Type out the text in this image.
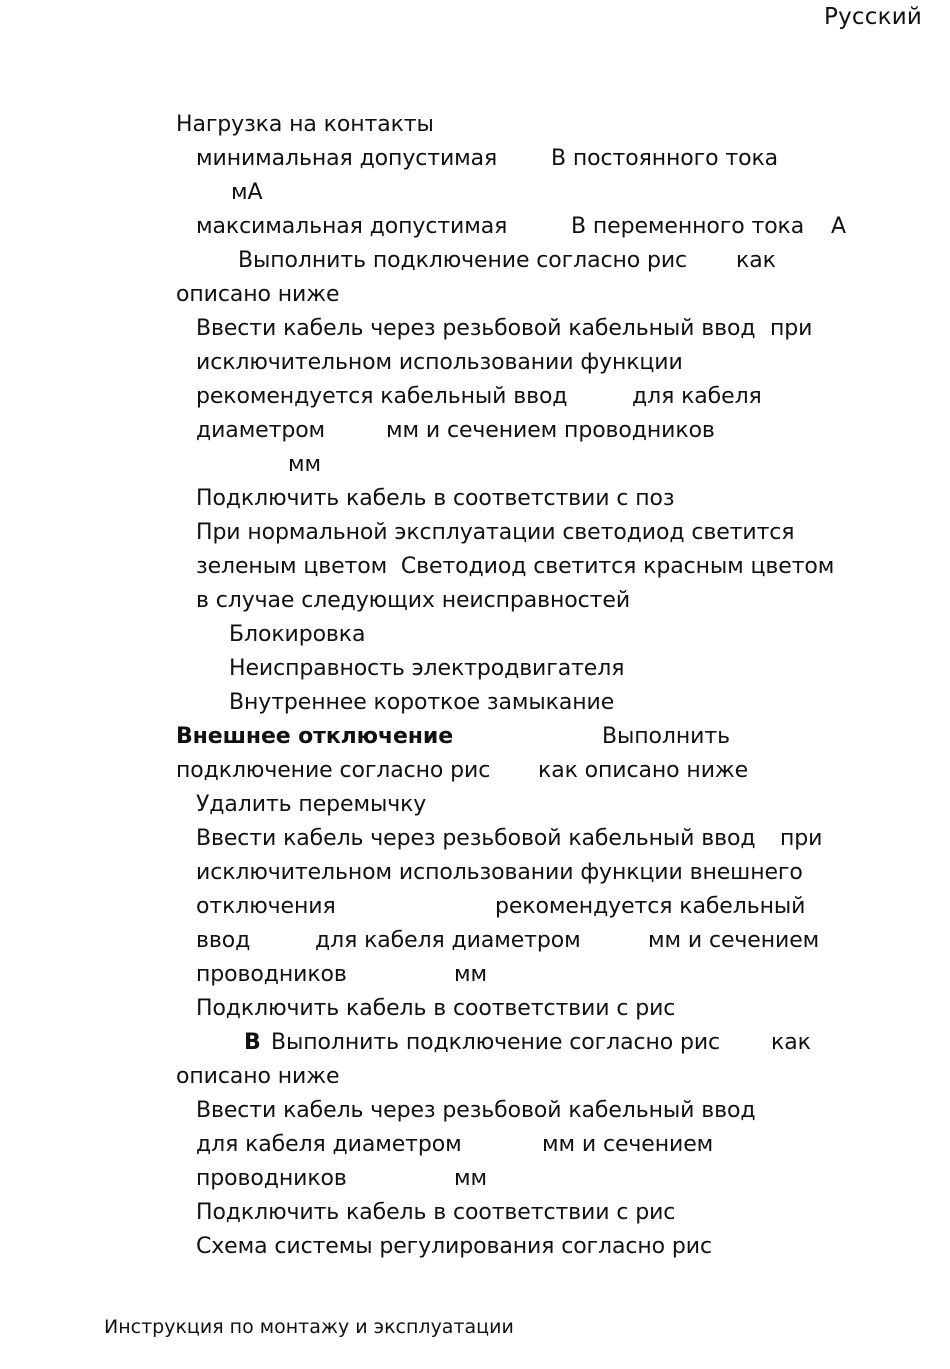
Русский
Нагрузка на контакты
минимальная допустимая В постоянного тока
мА
максимальная допустимая	В переменного тока А
Выполнить подключение согласно рис как
описано ниже
Ввести кабель через резьбовой кабельный ввод при
исключительном использовании функции
рекомендуется кабельный ввод	для кабеля
диаметром	мм и сечением проводников
мм
Подключить кабель в соответствии с поз
При нормальной эксплуатации светодиод светится
зеленым цветом  Светодиод светится красным цветом
в случае следующих неисправностей
Блокировка
Неисправность электродвигателя
Внутреннее короткое замыкание
Внешнее отключение	Выполнить
подключение согласно рис как описано ниже
Удалить перемычку
Ввести кабель через резьбовой кабельный ввод при
исключительном использовании функции внешнего
отключения	рекомендуется кабельный
ввод	для кабеля диаметром	мм и сечением
проводников	мм
Подключить кабель в соответствии с рис
B Выполнить подключение согласно рис как
описано ниже
Ввести кабель через резьбовой кабельный ввод
для кабеля диаметром	мм и сечением
проводников	мм
Подключить кабель в соответствии с рис
Схема системы регулирования согласно рис
Инструкция по монтажу и эксплуатации
